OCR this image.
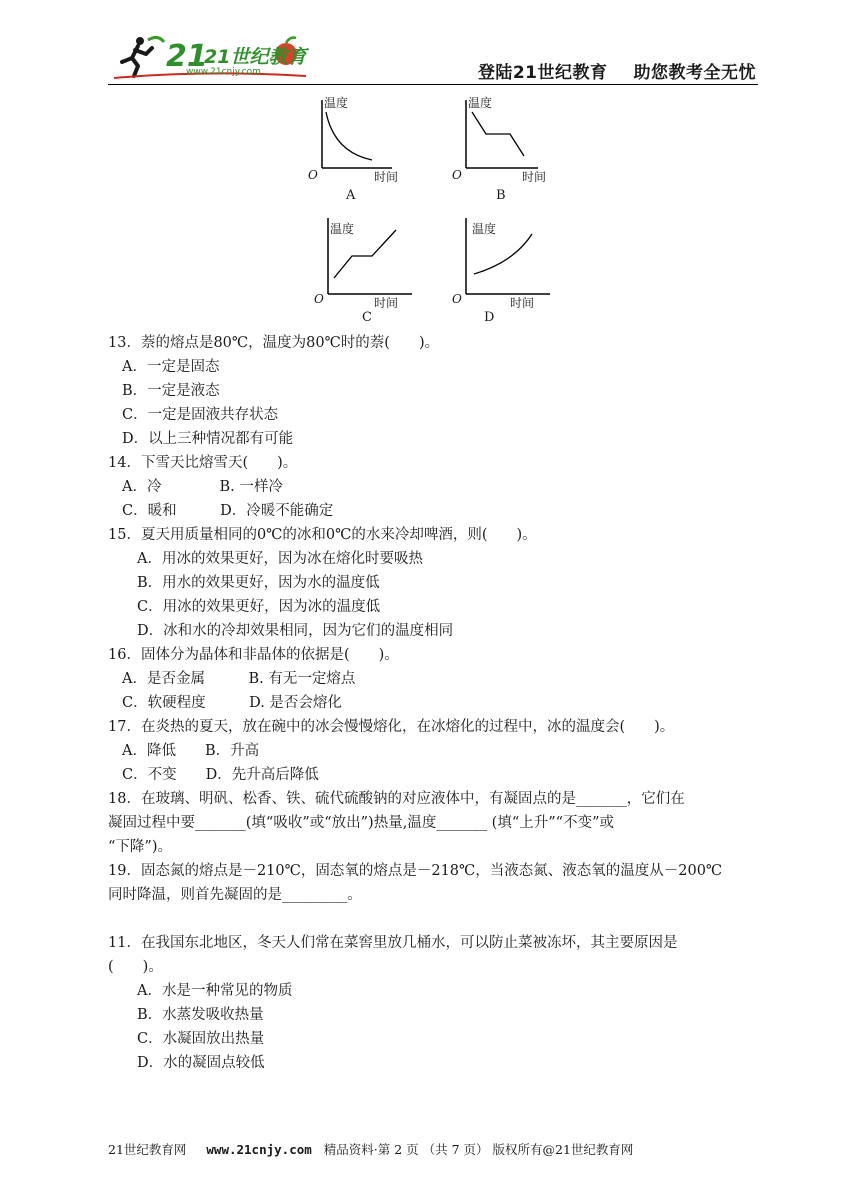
21
21世纪教育
www.21cnjy.com	登陆21世纪教育 助您教考全无忧
温度
O	时间
A
温度
O	时间
B
温度
O	时间
C
温度
O	时间
D
13．萘的熔点是80℃，温度为80℃时的萘(　　)。
A．一定是固态
B．一定是液态
C．一定是固液共存状态
D．以上三种情况都有可能
14．下雪天比熔雪天(　　)。
A．冷　　　　B. 一样冷
C．暖和　　　D．冷暖不能确定
15．夏天用质量相同的0℃的冰和0℃的水来冷却啤酒，则(　　)。
A．用冰的效果更好，因为冰在熔化时要吸热
B．用水的效果更好，因为水的温度低
C．用冰的效果更好，因为冰的温度低
D．冰和水的冷却效果相同，因为它们的温度相同
16．固体分为晶体和非晶体的依据是(　　)。
A．是否金属　　　B. 有无一定熔点
C．软硬程度　　　D. 是否会熔化
17．在炎热的夏天，放在碗中的冰会慢慢熔化，在冰熔化的过程中，冰的温度会(　　)。
A．降低　　B．升高
C．不变　　D．先升高后降低
18．在玻璃、明矾、松香、铁、硫代硫酸钠的对应液体中，有凝固点的是_______，它们在
凝固过程中要_______(填“吸收”或“放出”)热量,温度_______ (填“上升”“不变”或
“下降”)。
19．固态氮的熔点是－210℃，固态氧的熔点是－218℃，当液态氮、液态氧的温度从－200℃
同时降温，则首先凝固的是_________。
11．在我国东北地区，冬天人们常在菜窖里放几桶水，可以防止菜被冻坏，其主要原因是
(　　)。
A．水是一种常见的物质
B．水蒸发吸收热量
C．水凝固放出热量
D．水的凝固点较低
21世纪教育网 www.21cnjy.com 精品资料·第 2 页 （共 7 页） 版权所有@21世纪教育网
